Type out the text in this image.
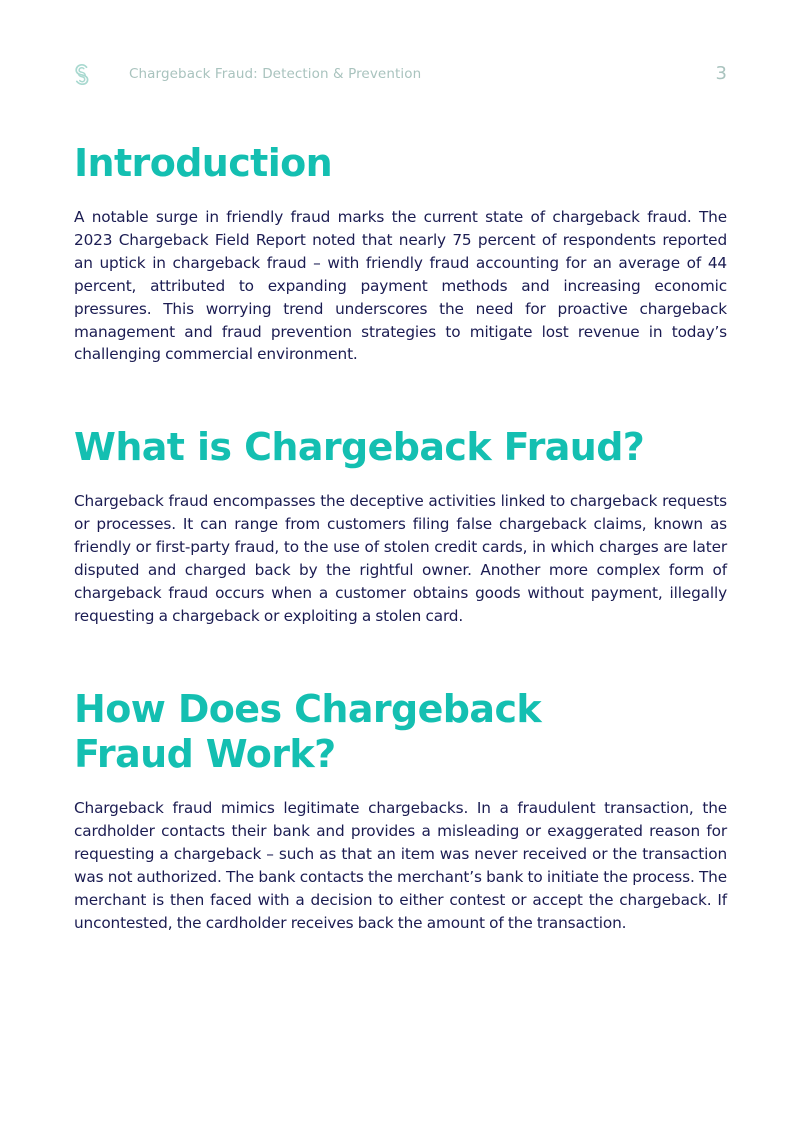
Chargeback Fraud: Detection & Prevention	3
Introduction

A notable surge in friendly fraud marks the current state of chargeback fraud. The 2023 Chargeback Field Report noted that nearly 75 percent of respondents reported an uptick in chargeback fraud – with friendly fraud accounting for an average of 44 percent, attributed to expanding payment methods and increasing economic pressures. This worrying trend underscores the need for proactive chargeback management and fraud prevention strategies to mitigate lost revenue in today’s challenging commercial environment.

What is Chargeback Fraud?

Chargeback fraud encompasses the deceptive activities linked to chargeback requests or processes. It can range from customers filing false chargeback claims, known as friendly or first-party fraud, to the use of stolen credit cards, in which charges are later disputed and charged back by the rightful owner. Another more complex form of chargeback fraud occurs when a customer obtains goods without payment, illegally requesting a chargeback or exploiting a stolen card.

How Does Chargeback
Fraud Work?

Chargeback fraud mimics legitimate chargebacks. In a fraudulent transaction, the cardholder contacts their bank and provides a misleading or exaggerated reason for requesting a chargeback – such as that an item was never received or the transaction was not authorized. The bank contacts the merchant’s bank to initiate the process. The merchant is then faced with a decision to either contest or accept the chargeback. If uncontested, the cardholder receives back the amount of the transaction.
